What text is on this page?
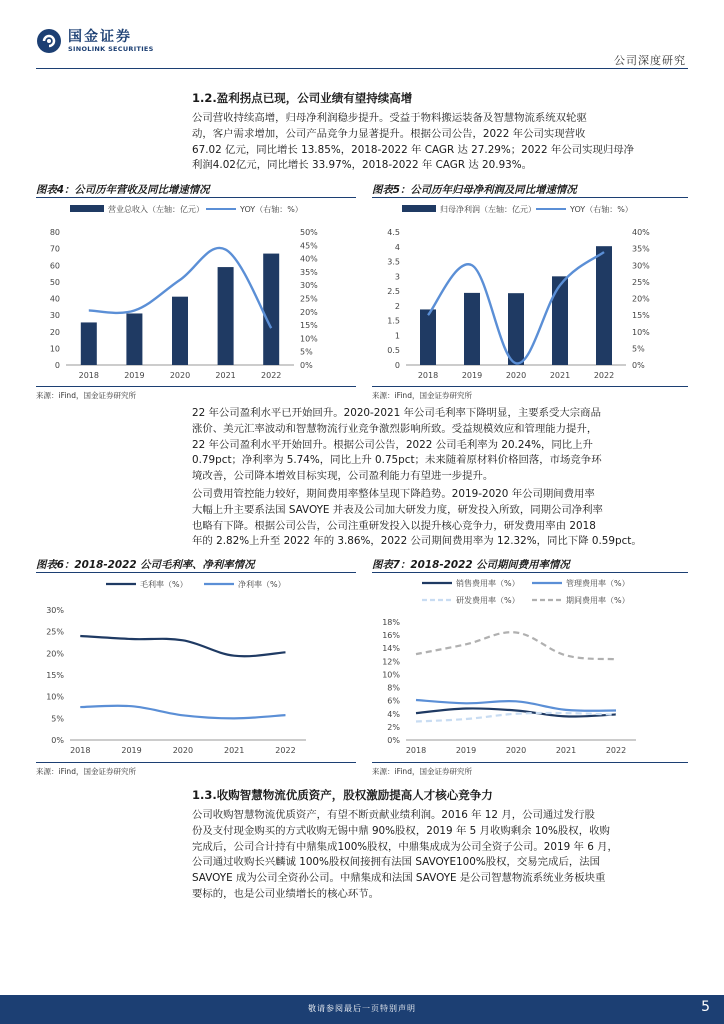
国金证券
SINOLINK SECURITIES
公司深度研究
1.2.盈利拐点已现，公司业绩有望持续高增
公司营收持续高增，归母净利润稳步提升。受益于物料搬运装备及智慧物流系统双轮驱
动，客户需求增加，公司产品竞争力显著提升。根据公司公告，2022 年公司实现营收
67.02 亿元，同比增长 13.85%，2018-2022 年 CAGR 达 27.29%；2022 年公司实现归母净
利润4.02亿元，同比增长 33.97%，2018-2022 年 CAGR 达 20.93%。
图表4：公司历年营收及同比增速情况
营业总收入（左轴：亿元）	YOY（右轴：%）
0
10
20
30
40
50
60
70
80
0%
5%
10%
15%
20%
25%
30%
35%
40%
45%
50%
2018	2019	2020	2021	2022
来源：iFind，国金证券研究所
图表5：公司历年归母净利润及同比增速情况
归母净利润（左轴：亿元）	YOY（右轴：%）
0
0.5
1
1.5
2
2.5
3
3.5
4
4.5
0%
5%
10%
15%
20%
25%
30%
35%
40%
2018	2019	2020	2021	2022
来源：iFind，国金证券研究所
22 年公司盈利水平已开始回升。2020-2021 年公司毛利率下降明显，主要系受大宗商品
涨价、美元汇率波动和智慧物流行业竞争激烈影响所致。受益规模效应和管理能力提升，
22 年公司盈利水平开始回升。根据公司公告，2022 公司毛利率为 20.24%，同比上升
0.79pct；净利率为 5.74%，同比上升 0.75pct；未来随着原材料价格回落，市场竞争环
境改善，公司降本增效目标实现，公司盈利能力有望进一步提升。
公司费用管控能力较好，期间费用率整体呈现下降趋势。2019-2020 年公司期间费用率
大幅上升主要系法国 SAVOYE 并表及公司加大研发力度，研发投入所致，同期公司净利率
也略有下降。根据公司公告，公司注重研发投入以提升核心竞争力，研发费用率由 2018
年的 2.82%上升至 2022 年的 3.86%，2022 公司期间费用率为 12.32%，同比下降 0.59pct。
图表6：2018-2022 公司毛利率、净利率情况
0%
5%
10%
15%
20%
25%
30%
2018	2019	2020	2021	2022
毛利率（%）	净利率（%）
来源：iFind，国金证券研究所
图表7：2018-2022 公司期间费用率情况
0%
2%
4%
6%
8%
10%
12%
14%
16%
18%
2018	2019	2020	2021	2022
销售费用率（%）	管理费用率（%）
研发费用率（%）	期间费用率（%）
来源：iFind，国金证券研究所
1.3.收购智慧物流优质资产，股权激励提高人才核心竞争力
公司收购智慧物流优质资产，有望不断贡献业绩利润。2016 年 12 月，公司通过发行股
份及支付现金购买的方式收购无锡中鼎 90%股权，2019 年 5 月收购剩余 10%股权，收购
完成后，公司合计持有中鼎集成100%股权，中鼎集成成为公司全资子公司。2019 年 6 月，
公司通过收购长兴麟诚 100%股权间接拥有法国 SAVOYE100%股权，交易完成后，法国
SAVOYE 成为公司全资孙公司。中鼎集成和法国 SAVOYE 是公司智慧物流系统业务板块重
要标的，也是公司业绩增长的核心环节。
敬请参阅最后一页特别声明	5
